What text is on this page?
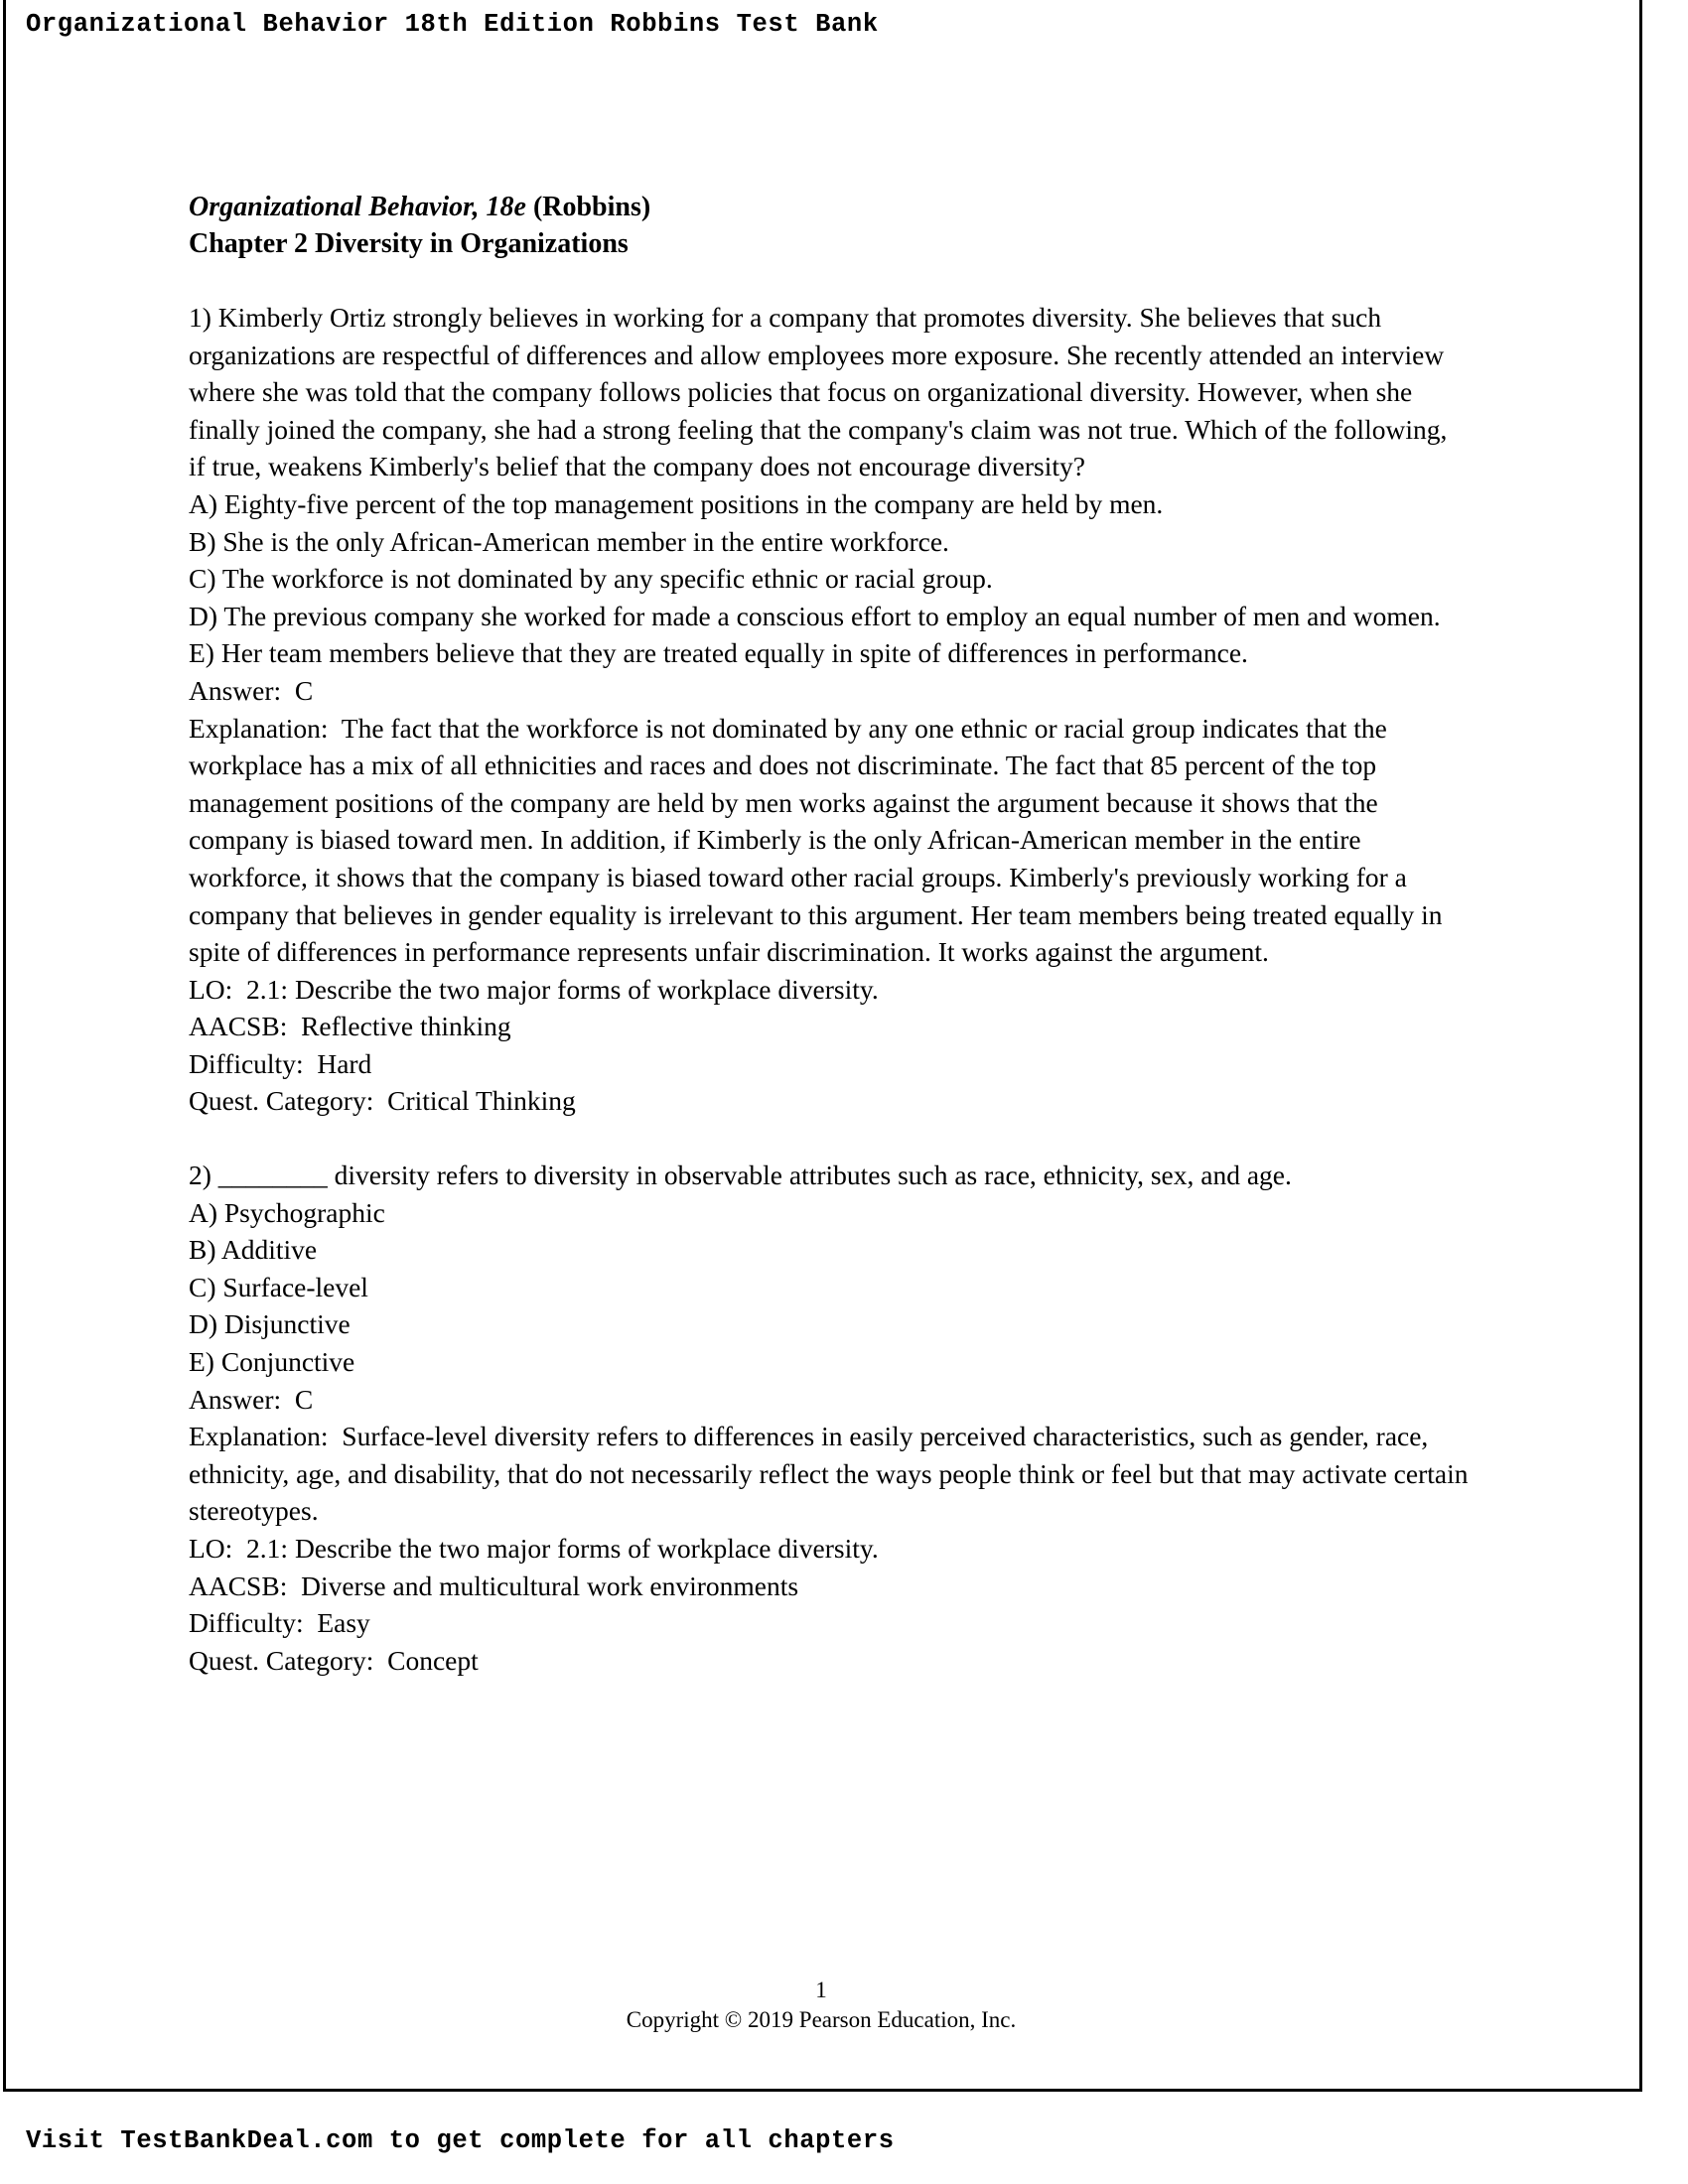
Organizational Behavior 18th Edition Robbins Test Bank
Organizational Behavior, 18e (Robbins)
Chapter 2 Diversity in Organizations
1) Kimberly Ortiz strongly believes in working for a company that promotes diversity. She believes that such organizations are respectful of differences and allow employees more exposure. She recently attended an interview where she was told that the company follows policies that focus on organizational diversity. However, when she finally joined the company, she had a strong feeling that the company's claim was not true. Which of the following, if true, weakens Kimberly's belief that the company does not encourage diversity?
A) Eighty-five percent of the top management positions in the company are held by men.
B) She is the only African-American member in the entire workforce.
C) The workforce is not dominated by any specific ethnic or racial group.
D) The previous company she worked for made a conscious effort to employ an equal number of men and women.
E) Her team members believe that they are treated equally in spite of differences in performance.
Answer:  C
Explanation:  The fact that the workforce is not dominated by any one ethnic or racial group indicates that the workplace has a mix of all ethnicities and races and does not discriminate. The fact that 85 percent of the top management positions of the company are held by men works against the argument because it shows that the company is biased toward men. In addition, if Kimberly is the only African-American member in the entire workforce, it shows that the company is biased toward other racial groups. Kimberly's previously working for a company that believes in gender equality is irrelevant to this argument. Her team members being treated equally in spite of differences in performance represents unfair discrimination. It works against the argument.
LO:  2.1: Describe the two major forms of workplace diversity.
AACSB:  Reflective thinking
Difficulty:  Hard
Quest. Category:  Critical Thinking
2) ________ diversity refers to diversity in observable attributes such as race, ethnicity, sex, and age.
A) Psychographic
B) Additive
C) Surface-level
D) Disjunctive
E) Conjunctive
Answer:  C
Explanation:  Surface-level diversity refers to differences in easily perceived characteristics, such as gender, race, ethnicity, age, and disability, that do not necessarily reflect the ways people think or feel but that may activate certain stereotypes.
LO:  2.1: Describe the two major forms of workplace diversity.
AACSB:  Diverse and multicultural work environments
Difficulty:  Easy
Quest. Category:  Concept
1
Copyright © 2019 Pearson Education, Inc.
Visit TestBankDeal.com to get complete for all chapters
